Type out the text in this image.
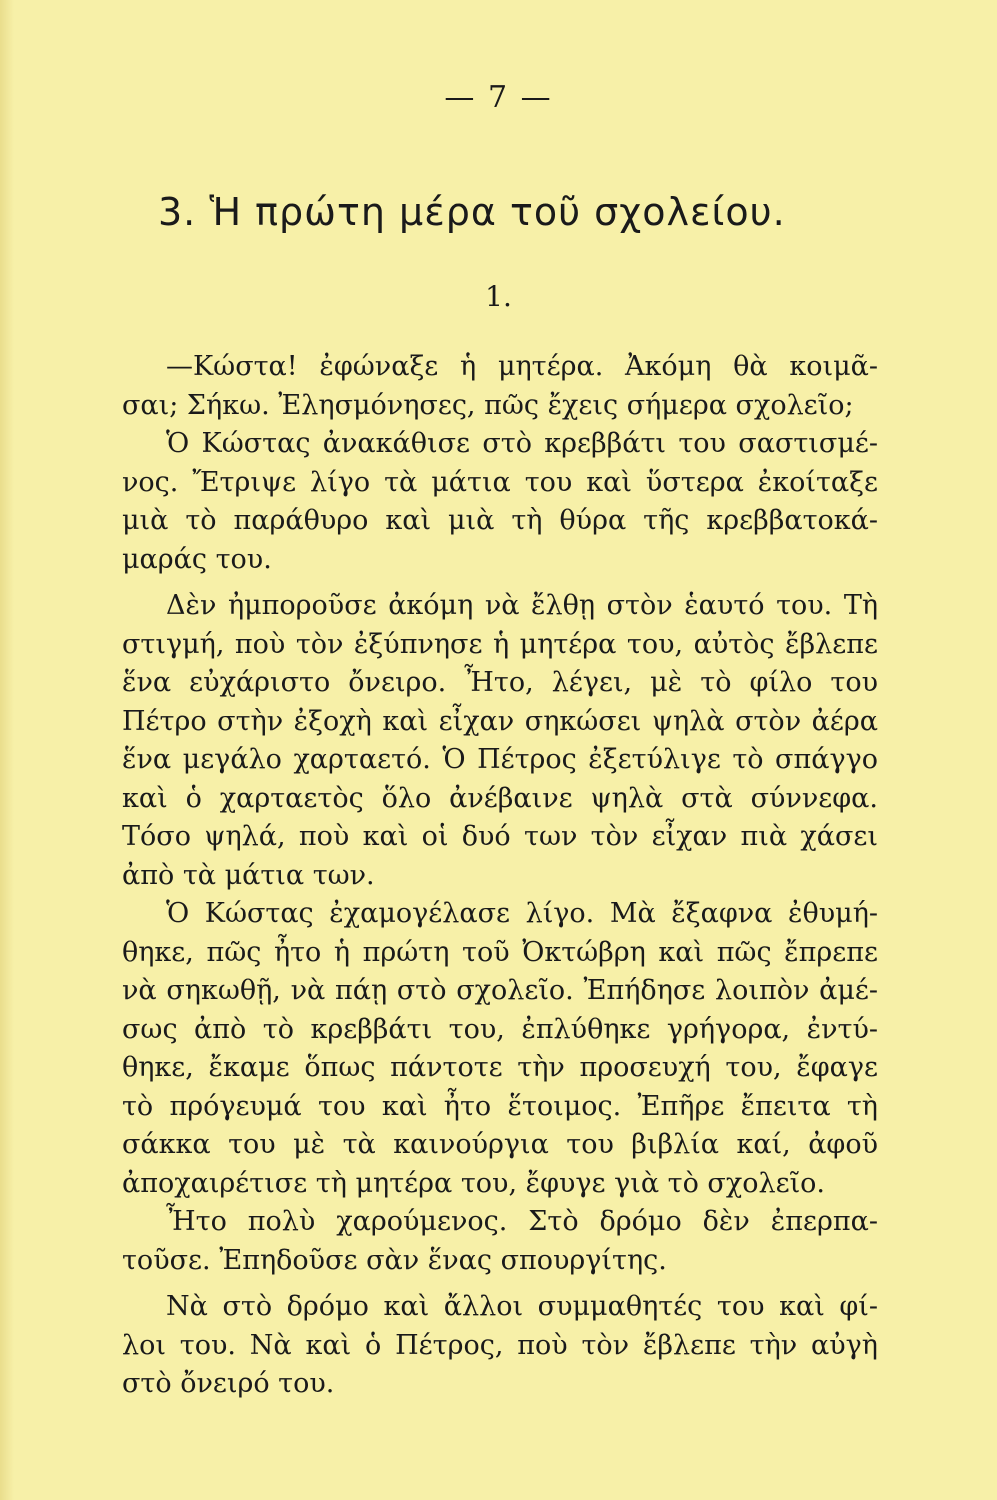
— 7 —
3. Ἡ πρώτη μέρα τοῦ σχολείου.
1.
—Κώστα! ἐφώναξε ἡ μητέρα. Ἀκόμη θὰ κοιμᾶ-
σαι; Σήκω. Ἐλησμόνησες, πῶς ἔχεις σήμερα σχολεῖο;
Ὁ Κώστας ἀνακάθισε στὸ κρεββάτι του σαστισμέ-
νος. Ἔτριψε λίγο τὰ μάτια του καὶ ὕστερα ἐκοίταξε
μιὰ τὸ παράθυρο καὶ μιὰ τὴ θύρα τῆς κρεββατοκά-
μαράς του.
Δὲν ἠμποροῦσε ἀκόμη νὰ ἔλθῃ στὸν ἑαυτό του. Τὴ
στιγμή, ποὺ τὸν ἐξύπνησε ἡ μητέρα του, αὐτὸς ἔβλεπε
ἕνα εὐχάριστο ὄνειρο. Ἦτο, λέγει, μὲ τὸ φίλο του
Πέτρο στὴν ἐξοχὴ καὶ εἶχαν σηκώσει ψηλὰ στὸν ἀέρα
ἕνα μεγάλο χαρταετό. Ὁ Πέτρος ἐξετύλιγε τὸ σπάγγο
καὶ ὁ χαρταετὸς ὅλο ἀνέβαινε ψηλὰ στὰ σύννεφα.
Τόσο ψηλά, ποὺ καὶ οἱ δυό των τὸν εἶχαν πιὰ χάσει
ἀπὸ τὰ μάτια των.
Ὁ Κώστας ἐχαμογέλασε λίγο. Μὰ ἔξαφνα ἐθυμή-
θηκε, πῶς ἦτο ἡ πρώτη τοῦ Ὀκτώβρη καὶ πῶς ἔπρεπε
νὰ σηκωθῇ, νὰ πάῃ στὸ σχολεῖο. Ἐπήδησε λοιπὸν ἀμέ-
σως ἀπὸ τὸ κρεββάτι του, ἐπλύθηκε γρήγορα, ἐντύ-
θηκε, ἔκαμε ὅπως πάντοτε τὴν προσευχή του, ἔφαγε
τὸ πρόγευμά του καὶ ἦτο ἕτοιμος. Ἐπῆρε ἔπειτα τὴ
σάκκα του μὲ τὰ καινούργια του βιβλία καί, ἀφοῦ
ἀποχαιρέτισε τὴ μητέρα του, ἔφυγε γιὰ τὸ σχολεῖο.
Ἦτο πολὺ χαρούμενος. Στὸ δρόμο δὲν ἐπερπα-
τοῦσε. Ἐπηδοῦσε σὰν ἕνας σπουργίτης.
Νὰ στὸ δρόμο καὶ ἄλλοι συμμαθητές του καὶ φί-
λοι του. Νὰ καὶ ὁ Πέτρος, ποὺ τὸν ἔβλεπε τὴν αὐγὴ
στὸ ὄνειρό του.
